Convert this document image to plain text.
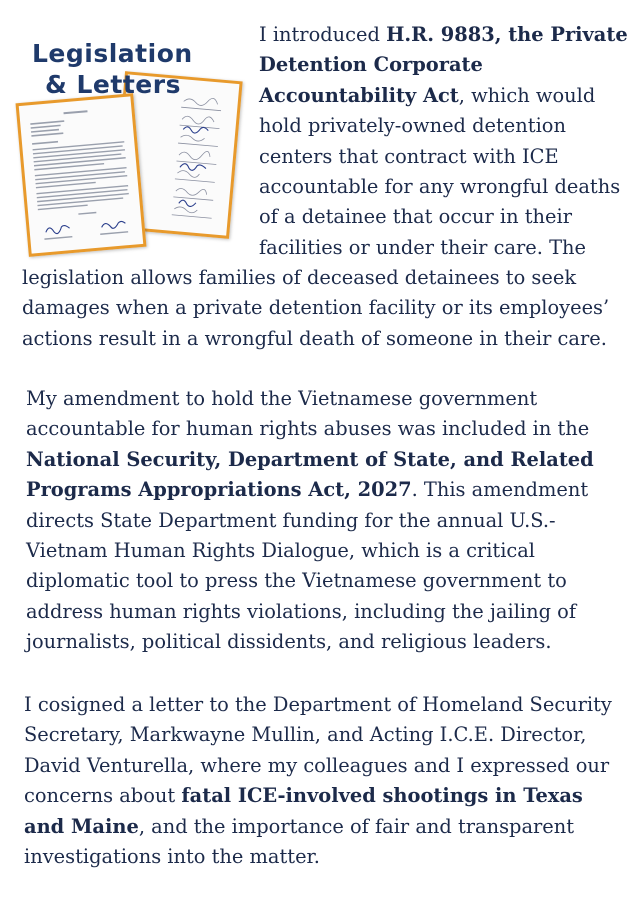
Legislation
& Letters

I introduced H.R. 9883, the Private Detention Corporate Accountability Act, which would hold privately-owned detention centers that contract with ICE accountable for any wrongful deaths of a detainee that occur in their facilities or under their care. The

legislation allows families of deceased detainees to seek damages when a private detention facility or its employees’ actions result in a wrongful death of someone in their care.

My amendment to hold the Vietnamese government accountable for human rights abuses was included in the National Security, Department of State, and Related Programs Appropriations Act, 2027. This amendment directs State Department funding for the annual U.S.-Vietnam Human Rights Dialogue, which is a critical diplomatic tool to press the Vietnamese government to address human rights violations, including the jailing of journalists, political dissidents, and religious leaders.

I cosigned a letter to the Department of Homeland Security Secretary, Markwayne Mullin, and Acting I.C.E. Director, David Venturella, where my colleagues and I expressed our concerns about fatal ICE-involved shootings in Texas and Maine, and the importance of fair and transparent investigations into the matter.
